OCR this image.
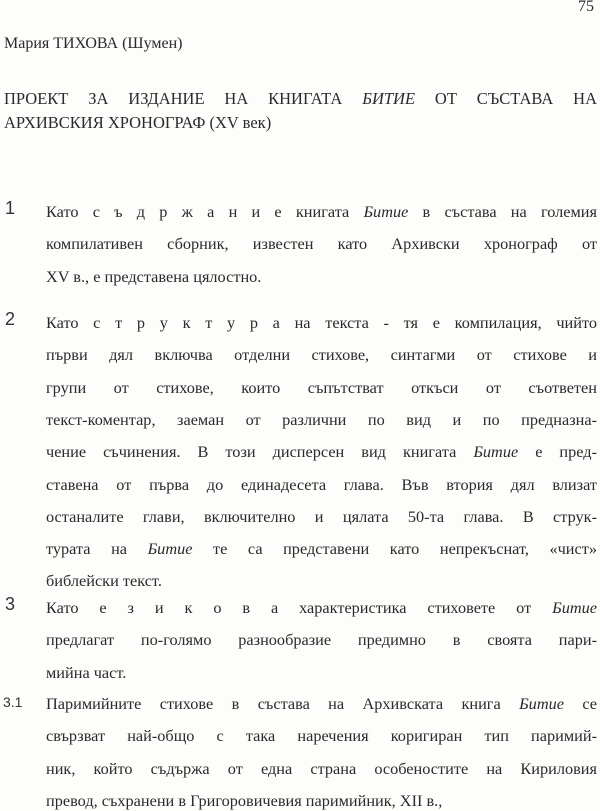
75
Мария ТИХОВА (Шумен)
ПРОЕКТ ЗА ИЗДАНИЕ НА КНИГАТА БИТИЕ ОТ СЪСТАВА НА
АРХИВСКИЯ ХРОНОГРАФ (XV век)
1 Като с ъ д р ж а н и е книгата Битие в състава на големия
компилативен сборник, известен като Архивски хронограф от
XV в., е представена цялостно.
2 Като с т р у к т у р а на текста - тя е компилация, чийто
първи дял включва отделни стихове, синтагми от стихове и
групи от стихове, които съпътстват откъси от съответен
текст-коментар, заеман от различни по вид и по предназна-
чение съчинения. В този дисперсен вид книгата Битие е пред-
ставена от първа до единадесета глава. Във втория дял влизат
останалите глави, включително и цялата 50-та глава. В струк-
турата на Битие те са представени като непрекъснат, «чист»
библейски текст.
3 Като е з и к о в а характеристика стиховете от Битие
предлагат по-голямо разнообразие предимно в своята пари-
мийна част.
3.1 Паримийните стихове в състава на Архивската книга Битие се
свързват най-общо с така наречения коригиран тип паримий-
ник, който съдържа от една страна особеностите на Кириловия
превод, съхранени в Григоровичевия паримийник, XII в.,
